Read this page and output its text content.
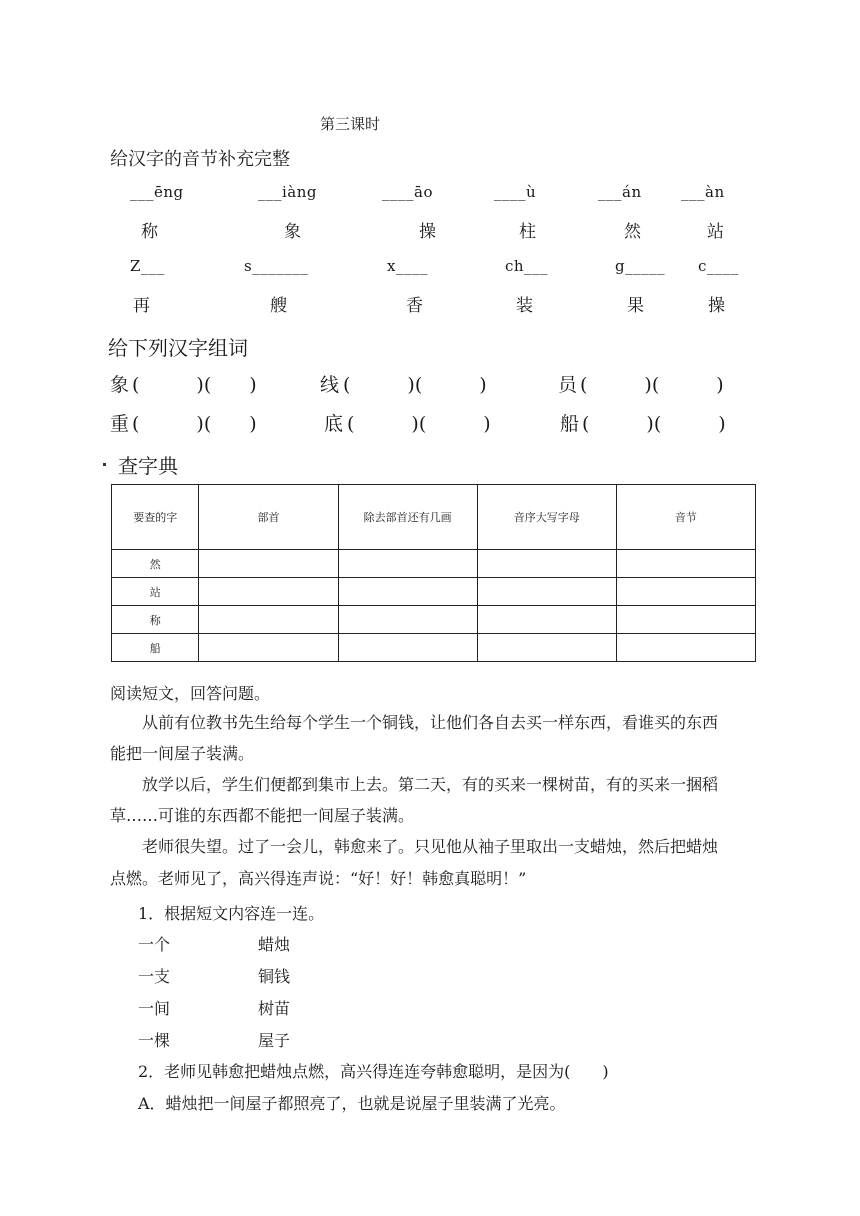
第三课时
给汉字的音节补充完整
___ēng	___iàng	____āo	____ù	___án	___àn
称	象	操	柱	然	站
Z___	s_______	x____	ch___	g_____ c____
再	艘	香	装	果	操
给下列汉字组词
象 (　　　)(　　)	线 (　　　)(　　　)	员 (　　　)(　　　)
重 (　　　)(　　)	底 (　　　)(　　　)	船 (　　　)(　　　)
查字典
要查的字	部首	除去部首还有几画	音序大写字母	音节
然				
站				
称				
船				
阅读短文，回答问题。
从前有位教书先生给每个学生一个铜钱，让他们各自去买一样东西，看谁买的东西
能把一间屋子装满。
放学以后，学生们便都到集市上去。第二天，有的买来一棵树苗，有的买来一捆稻
草……可谁的东西都不能把一间屋子装满。
老师很失望。过了一会儿，韩愈来了。只见他从袖子里取出一支蜡烛，然后把蜡烛
点燃。老师见了，高兴得连声说：“好！好！韩愈真聪明！”
1．根据短文内容连一连。
一个	蜡烛
一支	铜钱
一间	树苗
一棵	屋子
2．老师见韩愈把蜡烛点燃，高兴得连连夸韩愈聪明，是因为(　　)
A．蜡烛把一间屋子都照亮了，也就是说屋子里装满了光亮。
